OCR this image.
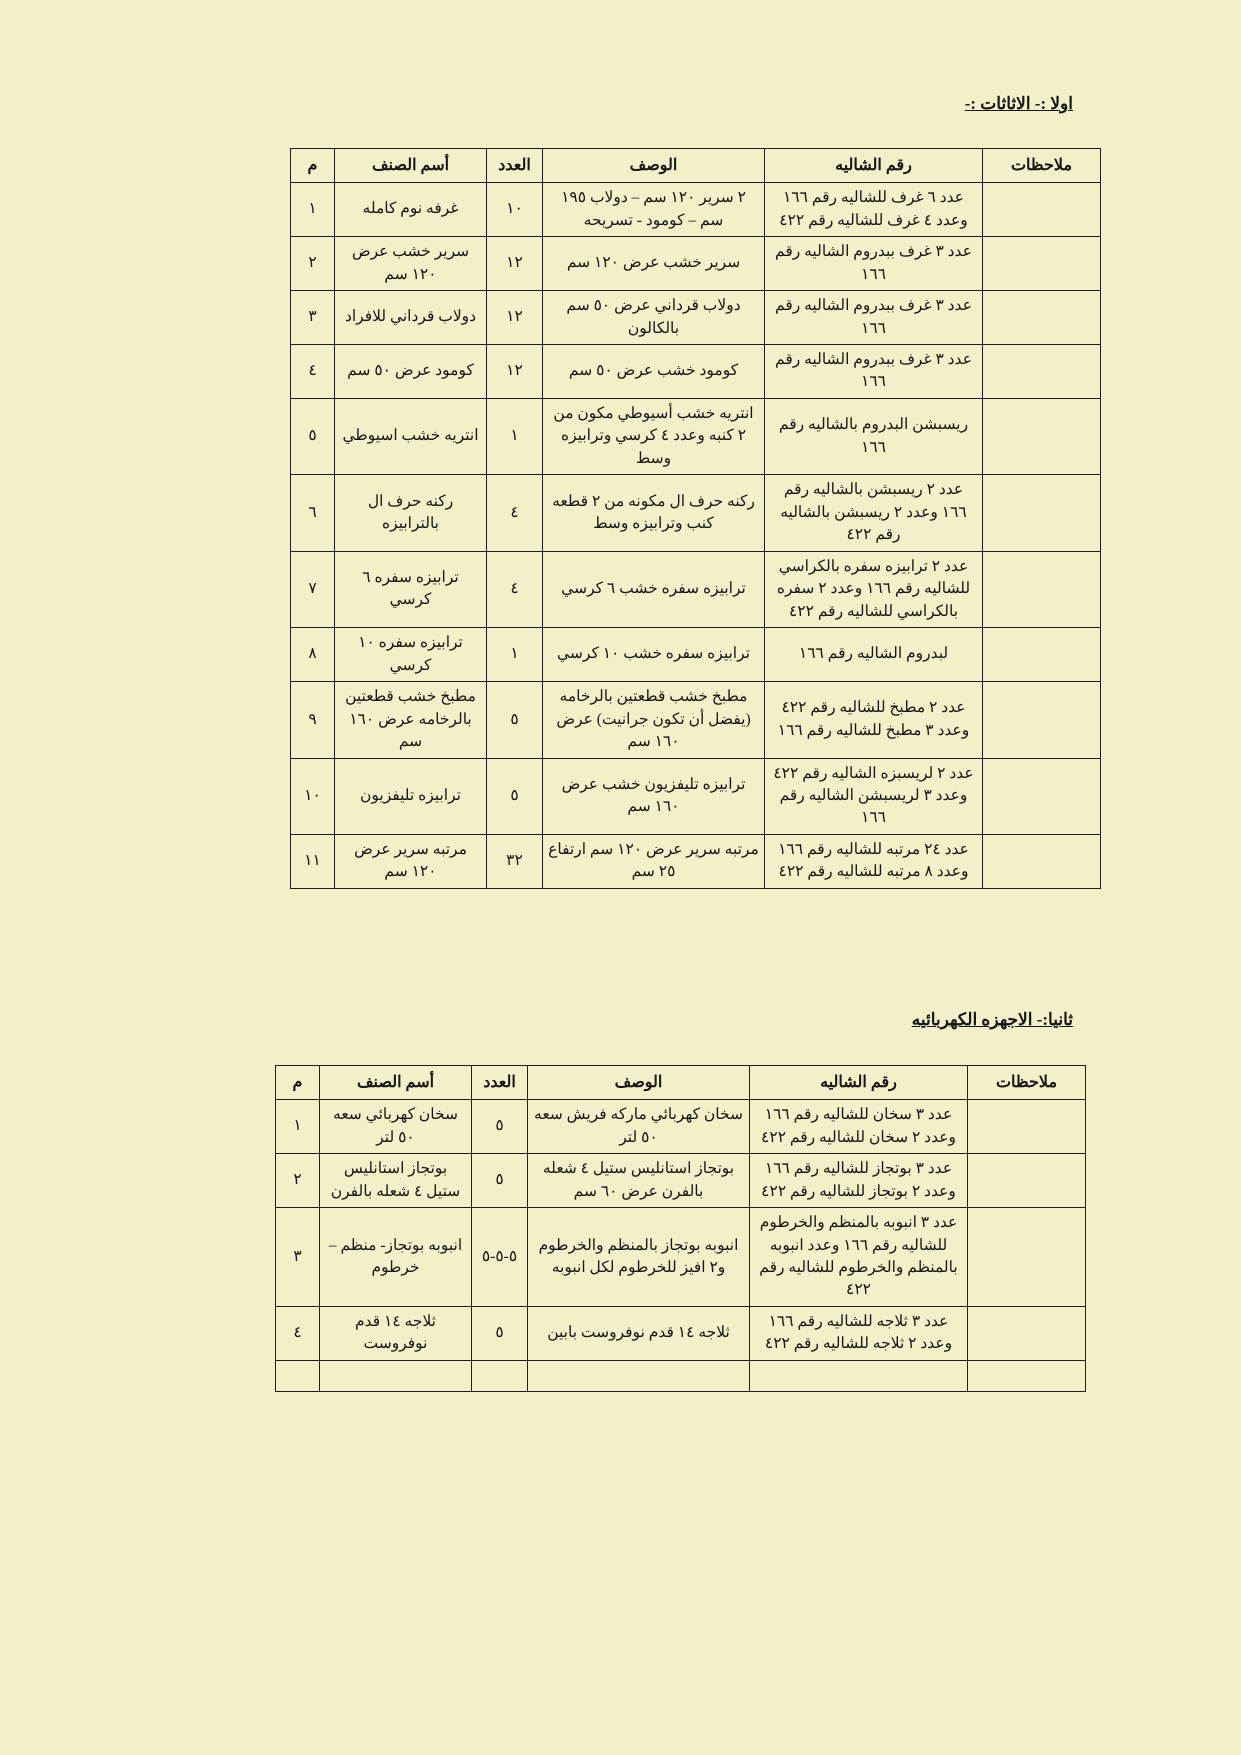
اولا :- الاثاثات :-
ملاحظات	رقم الشاليه	الوصف	العدد	أسم الصنف	م
	عدد ٦ غرف للشاليه رقم ١٦٦ وعدد ٤ غرف للشاليه رقم ٤٢٢	٢ سرير ١٢٠ سم – دولاب ١٩٥ سم – كومود - تسريحه	١٠	غرفه نوم كامله	١
	عدد ٣ غرف ببدروم الشاليه رقم ١٦٦	سرير خشب عرض ١٢٠ سم	١٢	سرير خشب عرض ١٢٠ سم	٢
	عدد ٣ غرف ببدروم الشاليه رقم ١٦٦	دولاب قرداني عرض ٥٠ سم بالكالون	١٢	دولاب قرداني للافراد	٣
	عدد ٣ غرف ببدروم الشاليه رقم ١٦٦	كومود خشب عرض ٥٠ سم	١٢	كومود عرض ٥٠ سم	٤
	ريسبشن البدروم بالشاليه رقم ١٦٦	انتريه خشب أسيوطي مكون من ٢ كنبه وعدد ٤ كرسي وترابيزه وسط	١	انتريه خشب اسيوطي	٥
	عدد ٢ ريسبشن بالشاليه رقم ١٦٦ وعدد ٢ ريسبشن بالشاليه رقم ٤٢٢	ركنه حرف ال مكونه من ٢ قطعه كنب وترابيزه وسط	٤	ركنه حرف ال بالترابيزه	٦
	عدد ٢ ترابيزه سفره بالكراسي للشاليه رقم ١٦٦ وعدد ٢ سفره بالكراسي للشاليه رقم ٤٢٢	ترابيزه سفره خشب ٦ كرسي	٤	ترابيزه سفره ٦ كرسي	٧
	لبدروم الشاليه رقم ١٦٦	ترابيزه سفره خشب ١٠ كرسي	١	ترابيزه سفره ١٠ كرسي	٨
	عدد ٢ مطبخ للشاليه رقم ٤٢٢ وعدد ٣ مطبخ للشاليه رقم ١٦٦	مطبخ خشب قطعتين بالرخامه (يفضل أن تكون جرانيت) عرض ١٦٠ سم	٥	مطبخ خشب قطعتين بالرخامه عرض ١٦٠ سم	٩
	عدد ٢ لريسبزه الشاليه رقم ٤٢٢ وعدد ٣ لريسبشن الشاليه رقم ١٦٦	ترابيزه تليفزيون خشب عرض ١٦٠ سم	٥	ترابيزه تليفزيون	١٠
	عدد ٢٤ مرتبه للشاليه رقم ١٦٦ وعدد ٨ مرتبه للشاليه رقم ٤٢٢	مرتبه سرير عرض ١٢٠ سم ارتفاع ٢٥ سم	٣٢	مرتبه سرير عرض ١٢٠ سم	١١
ثانيا:- الاجهزه الكهربائيه
ملاحظات	رقم الشاليه	الوصف	العدد	أسم الصنف	م
	عدد ٣ سخان للشاليه رقم ١٦٦ وعدد ٢ سخان للشاليه رقم ٤٢٢	سخان كهربائي ماركه فريش سعه ٥٠ لتر	٥	سخان كهربائي سعه ٥٠ لتر	١
	عدد ٣ بوتجاز للشاليه رقم ١٦٦ وعدد ٢ بوتجاز للشاليه رقم ٤٢٢	بوتجاز استانليس ستيل ٤ شعله بالفرن عرض ٦٠ سم	٥	بوتجاز استانليس ستيل ٤ شعله بالفرن	٢
	عدد ٣ انبوبه بالمنظم والخرطوم للشاليه رقم ١٦٦ وعدد انبوبه بالمنظم والخرطوم للشاليه رقم ٤٢٢	انبوبه بوتجاز بالمنظم والخرطوم و٢ افيز للخرطوم لكل انبوبه	٥-٥-٥	انبوبه بوتجاز- منظم – خرطوم	٣
	عدد ٣ ثلاجه للشاليه رقم ١٦٦ وعدد ٢ ثلاجه للشاليه رقم ٤٢٢	ثلاجه ١٤ قدم نوفروست بابين	٥	ثلاجه ١٤ قدم نوفروست	٤
